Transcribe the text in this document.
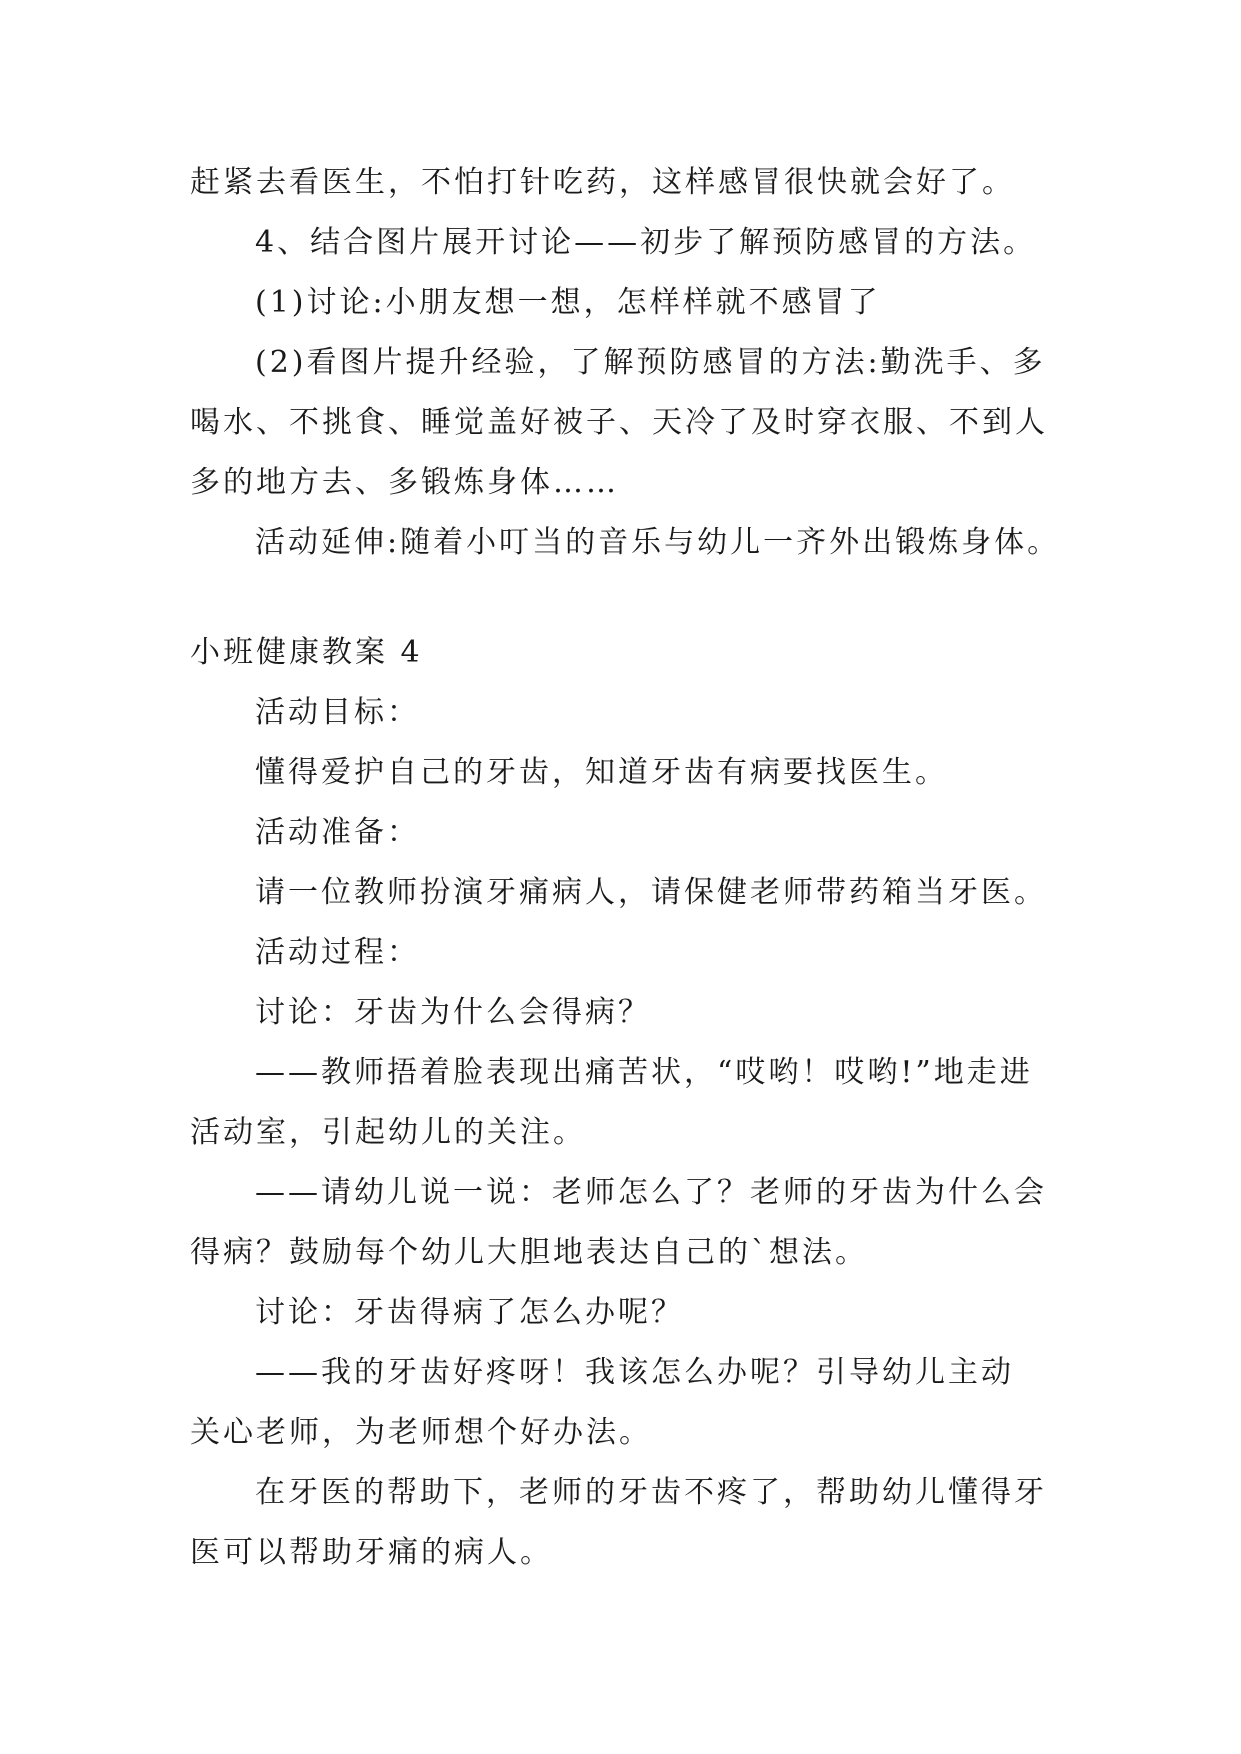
赶紧去看医生，不怕打针吃药，这样感冒很快就会好了。
4、结合图片展开讨论——初步了解预防感冒的方法。
(1)讨论:小朋友想一想，怎样样就不感冒了
(2)看图片提升经验，了解预防感冒的方法:勤洗手、多
喝水、不挑食、睡觉盖好被子、天冷了及时穿衣服、不到人
多的地方去、多锻炼身体……
活动延伸:随着小叮当的音乐与幼儿一齐外出锻炼身体。
小班健康教案 4
活动目标：
懂得爱护自己的牙齿，知道牙齿有病要找医生。
活动准备：
请一位教师扮演牙痛病人，请保健老师带药箱当牙医。
活动过程：
讨论：牙齿为什么会得病？
——教师捂着脸表现出痛苦状，“哎哟！哎哟!”地走进
活动室，引起幼儿的关注。
——请幼儿说一说：老师怎么了？老师的牙齿为什么会
得病？鼓励每个幼儿大胆地表达自己的`想法。
讨论：牙齿得病了怎么办呢？
——我的牙齿好疼呀！我该怎么办呢？引导幼儿主动
关心老师，为老师想个好办法。
在牙医的帮助下，老师的牙齿不疼了，帮助幼儿懂得牙
医可以帮助牙痛的病人。
